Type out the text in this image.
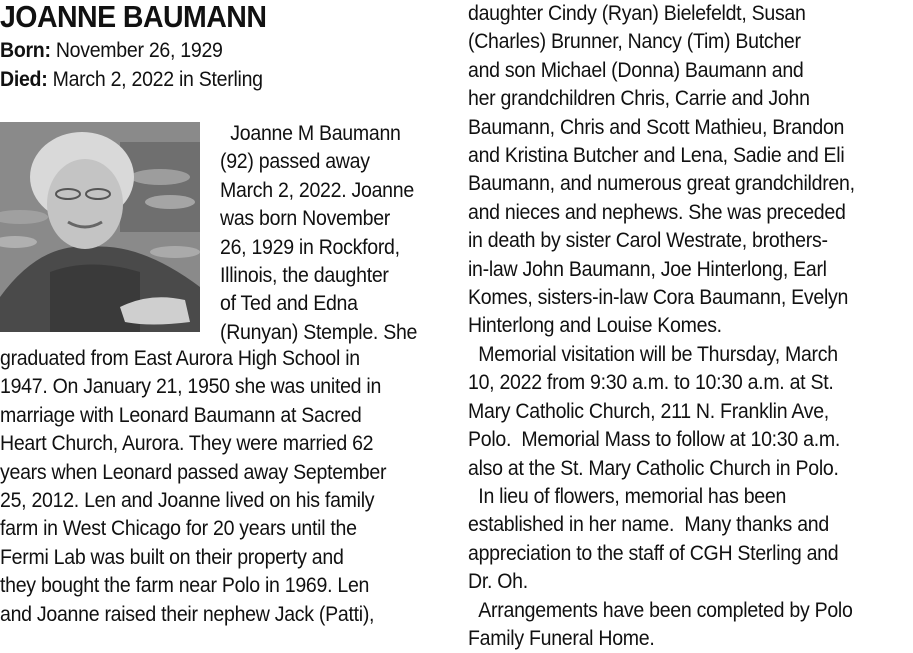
JOANNE BAUMANN
Born: November 26, 1929
Died: March 2, 2022 in Sterling
Joanne M Baumann
(92) passed away
March 2, 2022. Joanne
was born November
26, 1929 in Rockford,
Illinois, the daughter
of Ted and Edna
(Runyan) Stemple. She
graduated from East Aurora High School in
1947. On January 21, 1950 she was united in
marriage with Leonard Baumann at Sacred
Heart Church, Aurora. They were married 62
years when Leonard passed away September
25, 2012. Len and Joanne lived on his family
farm in West Chicago for 20 years until the
Fermi Lab was built on their property and
they bought the farm near Polo in 1969. Len
and Joanne raised their nephew Jack (Patti),
daughter Cindy (Ryan) Bielefeldt, Susan
(Charles) Brunner, Nancy (Tim) Butcher
and son Michael (Donna) Baumann and
her grandchildren Chris, Carrie and John
Baumann, Chris and Scott Mathieu, Brandon
and Kristina Butcher and Lena, Sadie and Eli
Baumann, and numerous great grandchildren,
and nieces and nephews. She was preceded
in death by sister Carol Westrate, brothers-
in-law John Baumann, Joe Hinterlong, Earl
Komes, sisters-in-law Cora Baumann, Evelyn
Hinterlong and Louise Komes.
Memorial visitation will be Thursday, March
10, 2022 from 9:30 a.m. to 10:30 a.m. at St.
Mary Catholic Church, 211 N. Franklin Ave,
Polo.  Memorial Mass to follow at 10:30 a.m.
also at the St. Mary Catholic Church in Polo.
In lieu of flowers, memorial has been
established in her name.  Many thanks and
appreciation to the staff of CGH Sterling and
Dr. Oh.
Arrangements have been completed by Polo
Family Funeral Home.
